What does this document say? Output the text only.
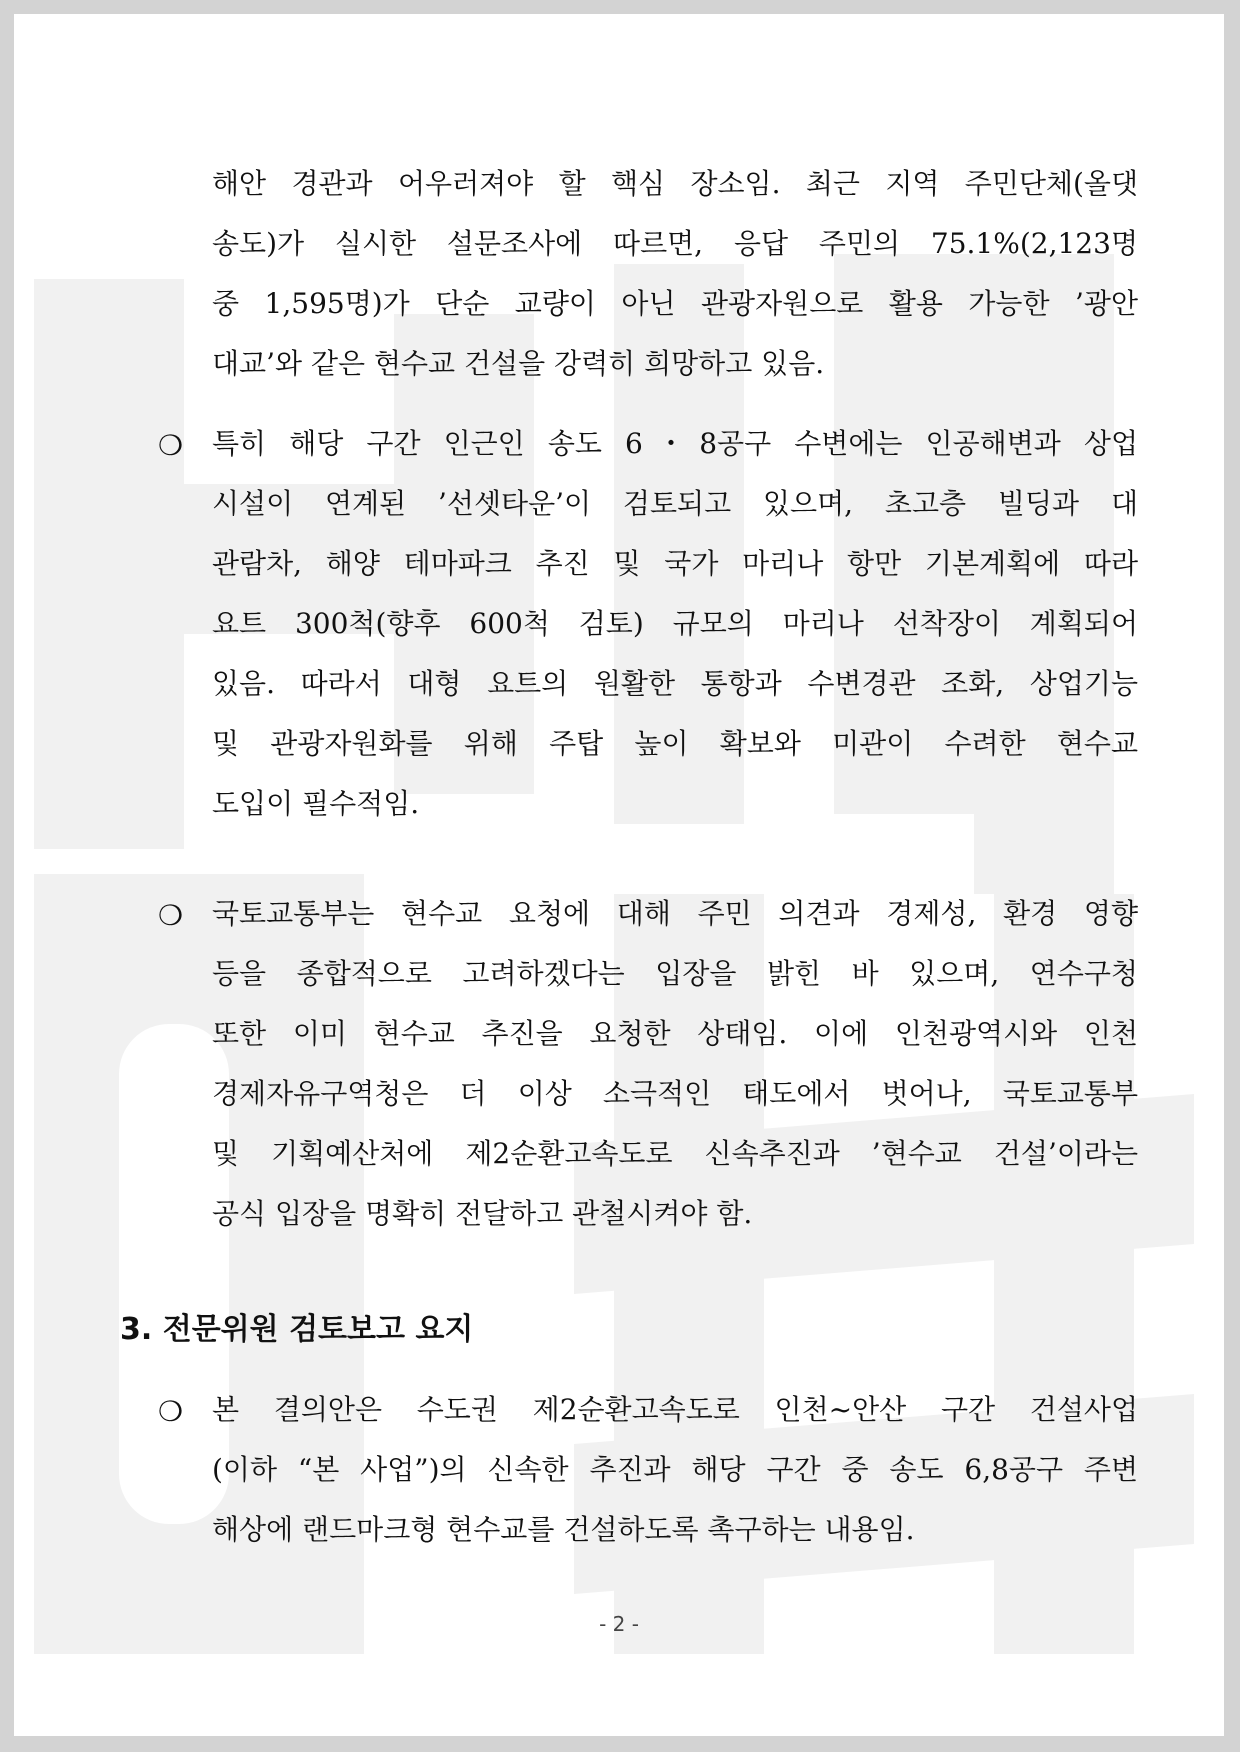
해안 경관과 어우러져야 할 핵심 장소임. 최근 지역 주민단체(올댓
송도)가 실시한 설문조사에 따르면, 응답 주민의 75.1%(2,123명
중 1,595명)가 단순 교량이 아닌 관광자원으로 활용 가능한 ’광안
대교’와 같은 현수교 건설을 강력히 희망하고 있음.
❍	특히 해당 구간 인근인 송도 6・8공구 수변에는 인공해변과 상업
시설이 연계된 ’선셋타운’이 검토되고 있으며, 초고층 빌딩과 대
관람차, 해양 테마파크 추진 및 국가 마리나 항만 기본계획에 따라
요트 300척(향후 600척 검토) 규모의 마리나 선착장이 계획되어
있음. 따라서 대형 요트의 원활한 통항과 수변경관 조화, 상업기능
및 관광자원화를 위해 주탑 높이 확보와 미관이 수려한 현수교
도입이 필수적임.
❍	국토교통부는 현수교 요청에 대해 주민 의견과 경제성, 환경 영향
등을 종합적으로 고려하겠다는 입장을 밝힌 바 있으며, 연수구청
또한 이미 현수교 추진을 요청한 상태임. 이에 인천광역시와 인천
경제자유구역청은 더 이상 소극적인 태도에서 벗어나, 국토교통부
및 기획예산처에 제2순환고속도로 신속추진과 ’현수교 건설’이라는
공식 입장을 명확히 전달하고 관철시켜야 함.
3. 전문위원 검토보고 요지
❍	본 결의안은 수도권 제2순환고속도로 인천~안산 구간 건설사업
(이하 “본 사업”)의 신속한 추진과 해당 구간 중 송도 6,8공구 주변
해상에 랜드마크형 현수교를 건설하도록 촉구하는 내용임.
- 2 -
